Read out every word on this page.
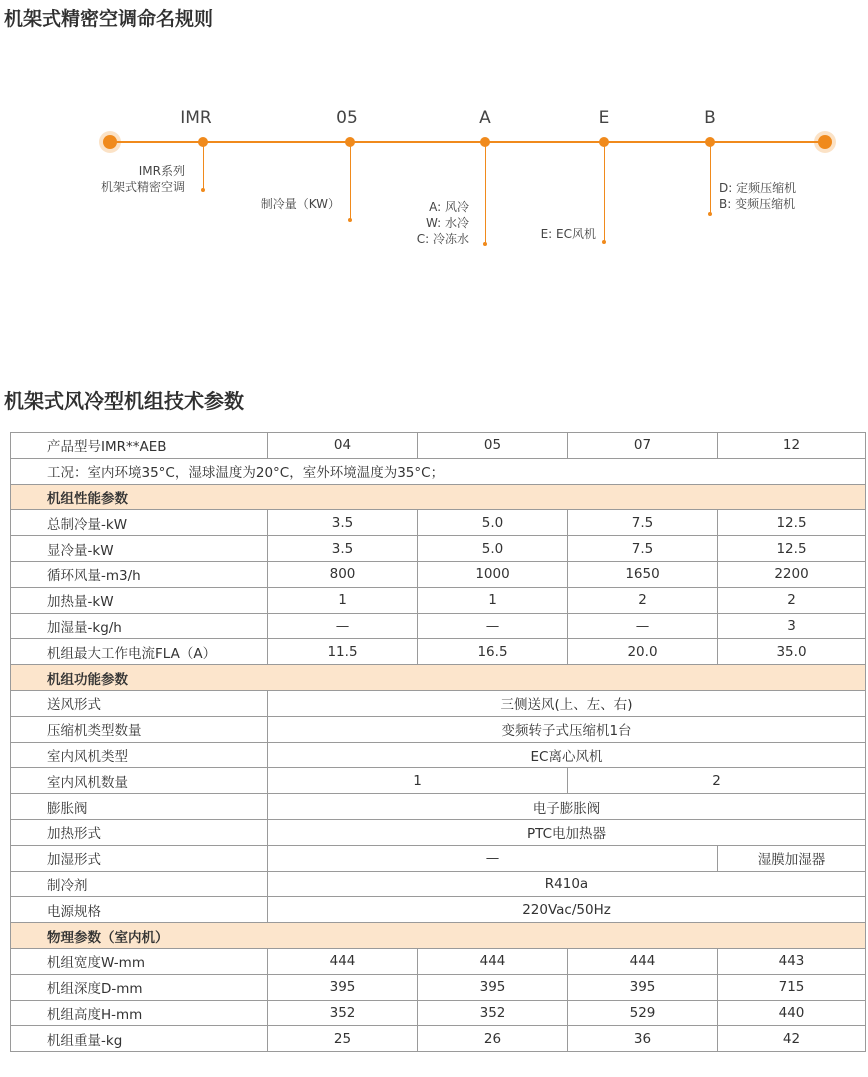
机架式精密空调命名规则
IMR
IMR系列
机架式精密空调
05
制冷量（KW）
A
A: 风冷
W: 水冷
C: 冷冻水
E
E: EC风机
B
D: 定频压缩机
B: 变频压缩机
机架式风冷型机组技术参数
产品型号IMR**AEB	04	05	07	12
工况：室内环境35°C，湿球温度为20°C，室外环境温度为35°C；				
机组性能参数				
总制冷量-kW	3.5	5.0	7.5	12.5
显冷量-kW	3.5	5.0	7.5	12.5
循环风量-m3/h	800	1000	1650	2200
加热量-kW	1	1	2	2
加湿量-kg/h	—	—	—	3
机组最大工作电流FLA（A）	11.5	16.5	20.0	35.0
机组功能参数				
送风形式	三侧送风(上、左、右)			
压缩机类型数量	变频转子式压缩机1台			
室内风机类型	EC离心风机			
室内风机数量	1		2	
膨胀阀	电子膨胀阀			
加热形式	PTC电加热器			
加湿形式	—			湿膜加湿器
制冷剂	R410a			
电源规格	220Vac/50Hz			
物理参数（室内机）				
机组宽度W-mm	444	444	444	443
机组深度D-mm	395	395	395	715
机组高度H-mm	352	352	529	440
机组重量-kg	25	26	36	42
